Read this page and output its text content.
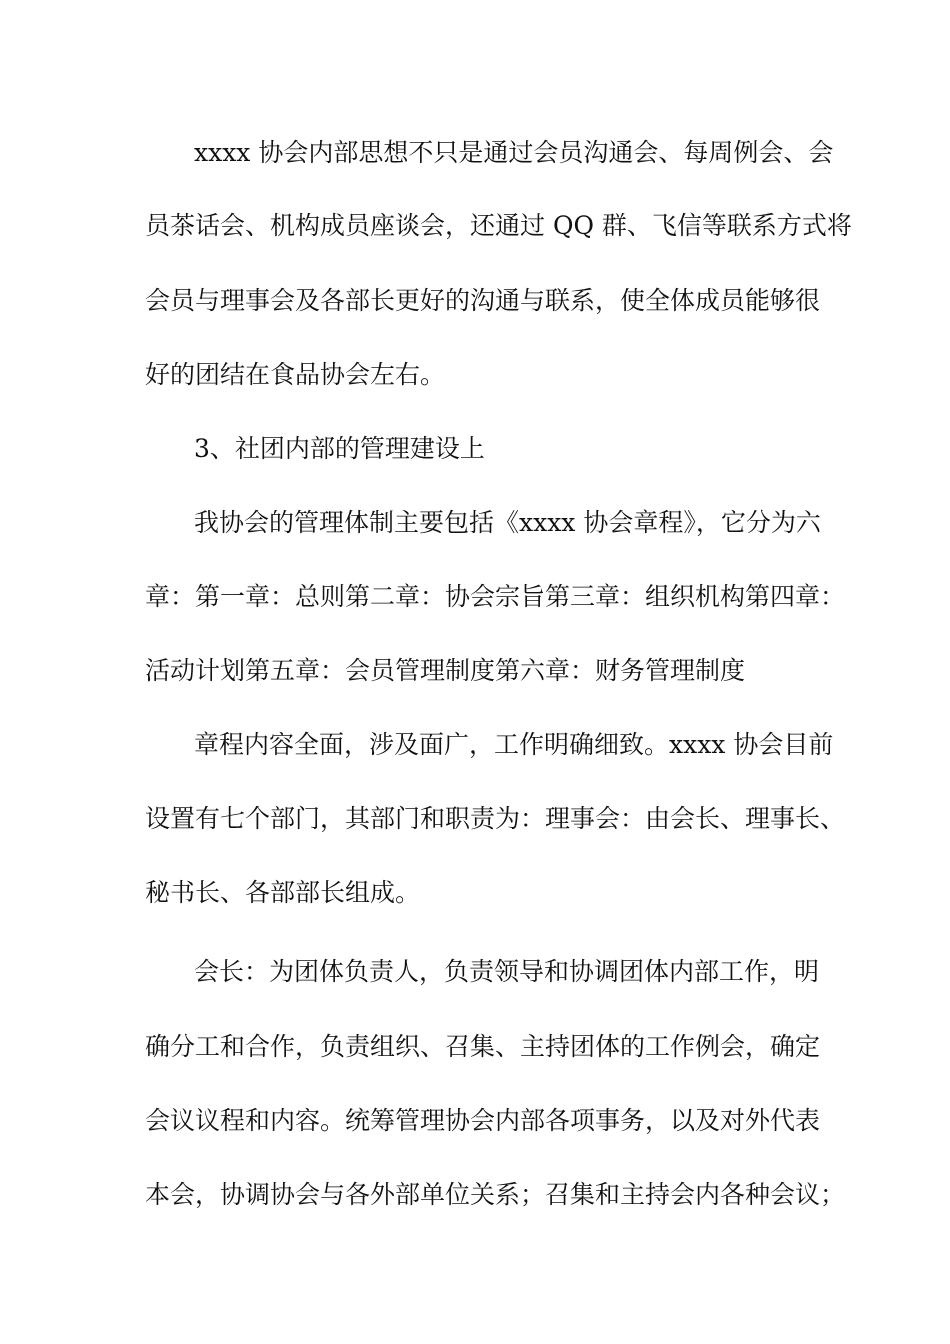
xxxx 协会内部思想不只是通过会员沟通会、每周例会、会
员茶话会、机构成员座谈会，还通过 QQ 群、飞信等联系方式将
会员与理事会及各部长更好的沟通与联系，使全体成员能够很
好的团结在食品协会左右。
3、社团内部的管理建设上
我协会的管理体制主要包括《xxxx 协会章程》，它分为六
章：第一章：总则第二章：协会宗旨第三章：组织机构第四章：
活动计划第五章：会员管理制度第六章：财务管理制度
章程内容全面，涉及面广，工作明确细致。xxxx 协会目前
设置有七个部门，其部门和职责为：理事会：由会长、理事长、
秘书长、各部部长组成。
会长：为团体负责人，负责领导和协调团体内部工作，明
确分工和合作，负责组织、召集、主持团体的工作例会，确定
会议议程和内容。统筹管理协会内部各项事务，以及对外代表
本会，协调协会与各外部单位关系；召集和主持会内各种会议；
